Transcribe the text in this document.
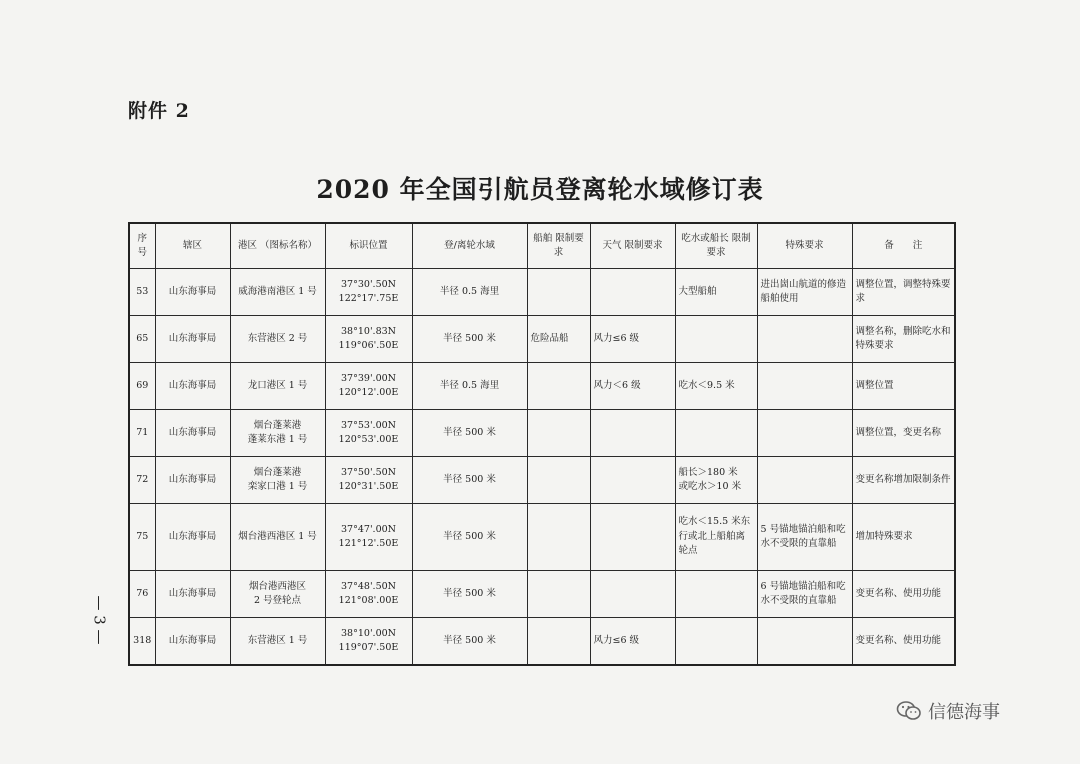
附件 2
2020 年全国引航员登离轮水域修订表
序号	辖区	港区 （图标名称）	标识位置	登/离轮水域	船舶 限制要求	天气 限制要求	吃水或船长 限制要求	特殊要求	备　　注
53	山东海事局	威海港南港区 1 号	37°30'.50N
122°17'.75E	半径 0.5 海里			大型船舶	进出崮山航道的修造船舶使用	调整位置，调整特殊要求
65	山东海事局	东营港区 2 号	38°10'.83N
119°06'.50E	半径 500 米	危险品船	风力≤6 级			调整名称，删除吃水和特殊要求
69	山东海事局	龙口港区 1 号	37°39'.00N
120°12'.00E	半径 0.5 海里		风力＜6 级	吃水＜9.5 米		调整位置
71	山东海事局	烟台蓬莱港
蓬莱东港 1 号	37°53'.00N
120°53'.00E	半径 500 米					调整位置，变更名称
72	山东海事局	烟台蓬莱港
栾家口港 1 号	37°50'.50N
120°31'.50E	半径 500 米			船长＞180 米
或吃水＞10 米		变更名称增加限制条件
75	山东海事局	烟台港西港区 1 号	37°47'.00N
121°12'.50E	半径 500 米			吃水＜15.5 米东行或北上船舶离轮点	5 号锚地锚泊船和吃水不受限的直靠船	增加特殊要求
76	山东海事局	烟台港西港区
2 号登轮点	37°48'.50N
121°08'.00E	半径 500 米				6 号锚地锚泊船和吃水不受限的直靠船	变更名称、使用功能
318	山东海事局	东营港区 1 号	38°10'.00N
119°07'.50E	半径 500 米		风力≤6 级			变更名称、使用功能
— 3 —
信德海事
